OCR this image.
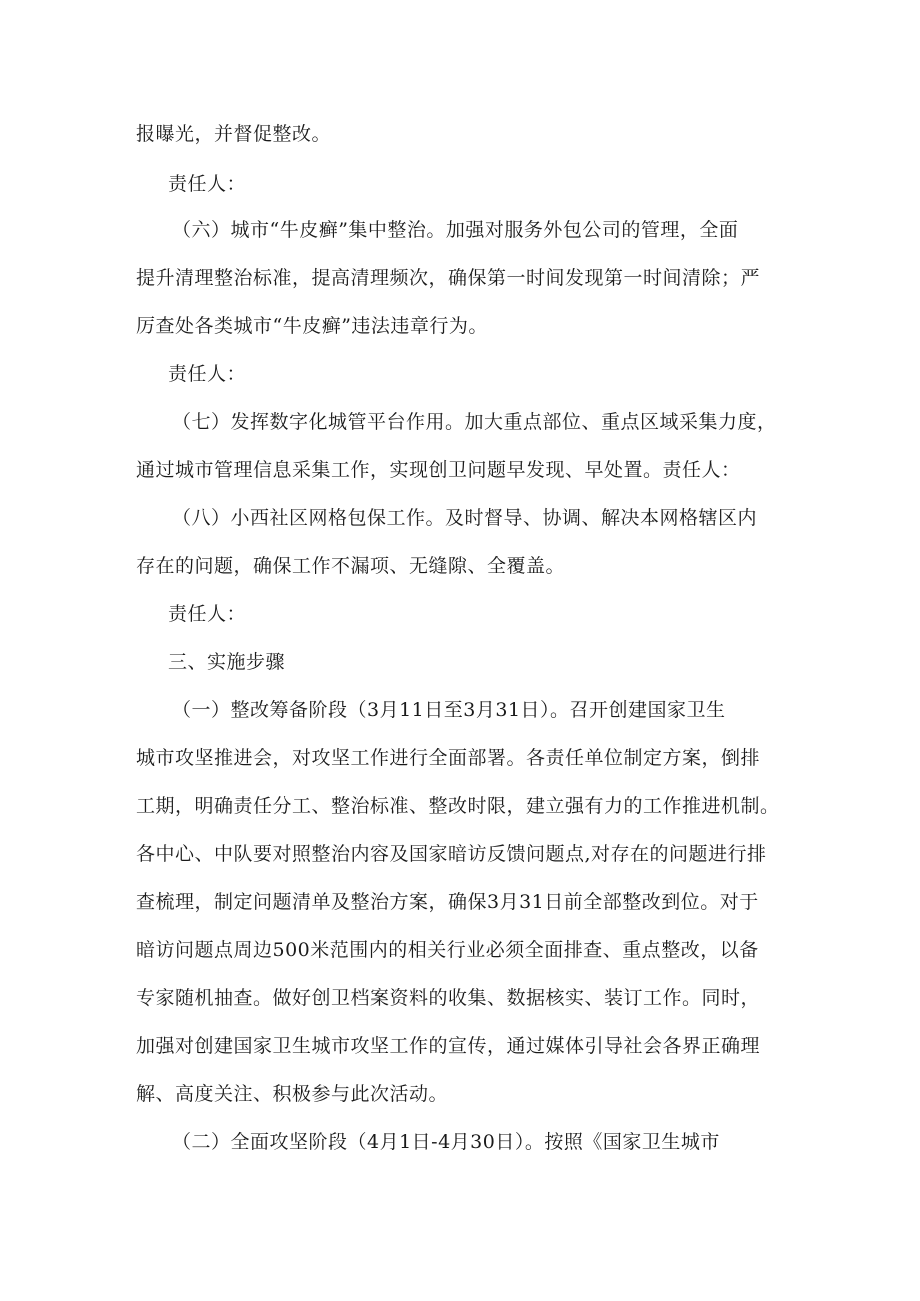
报曝光，并督促整改。
责任人：
（六）城市“牛皮癣”集中整治。加强对服务外包公司的管理，全面
提升清理整治标准，提高清理频次，确保第一时间发现第一时间清除；严
厉查处各类城市“牛皮癣”违法违章行为。
责任人：
（七）发挥数字化城管平台作用。加大重点部位、重点区域采集力度，
通过城市管理信息采集工作，实现创卫问题早发现、早处置。责任人：
（八）小西社区网格包保工作。及时督导、协调、解决本网格辖区内
存在的问题，确保工作不漏项、无缝隙、全覆盖。
责任人：
三、实施步骤
（一）整改筹备阶段（3月11日至3月31日）。召开创建国家卫生
城市攻坚推进会，对攻坚工作进行全面部署。各责任单位制定方案，倒排
工期，明确责任分工、整治标准、整改时限，建立强有力的工作推进机制。
各中心、中队要对照整治内容及国家暗访反馈问题点,对存在的问题进行排
查梳理，制定问题清单及整治方案，确保3月31日前全部整改到位。对于
暗访问题点周边500米范围内的相关行业必须全面排查、重点整改，以备
专家随机抽查。做好创卫档案资料的收集、数据核实、装订工作。同时，
加强对创建国家卫生城市攻坚工作的宣传，通过媒体引导社会各界正确理
解、高度关注、积极参与此次活动。
（二）全面攻坚阶段（4月1日-4月30日）。按照《国家卫生城市
